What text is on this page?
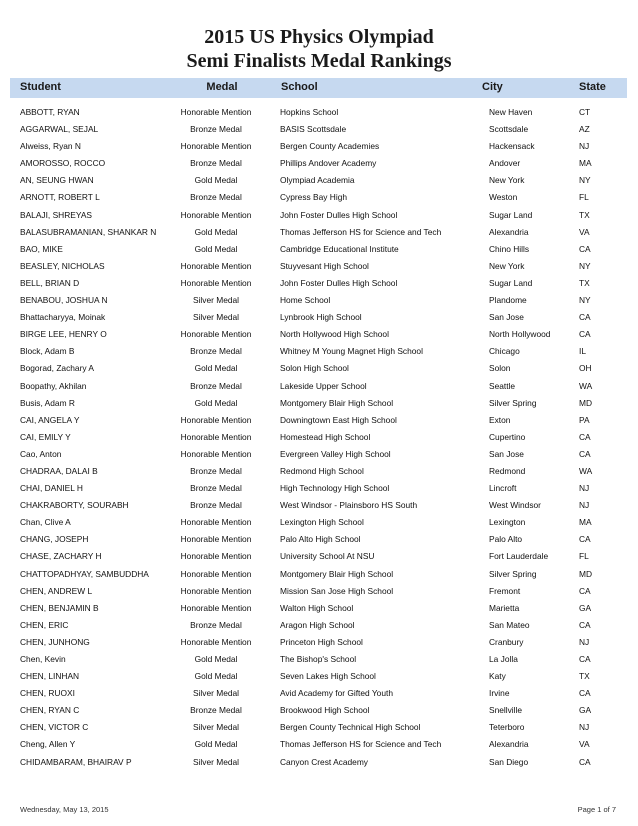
2015 US Physics Olympiad
Semi Finalists Medal Rankings
Student	Medal	School	City	State
ABBOTT, RYAN	Honorable Mention	Hopkins School	New Haven	CT
AGGARWAL, SEJAL	Bronze Medal	BASIS Scottsdale	Scottsdale	AZ
Alweiss, Ryan N	Honorable Mention	Bergen County Academies	Hackensack	NJ
AMOROSSO, ROCCO	Bronze Medal	Phillips Andover Academy	Andover	MA
AN, SEUNG HWAN	Gold Medal	Olympiad Academia	New York	NY
ARNOTT, ROBERT L	Bronze Medal	Cypress Bay High	Weston	FL
BALAJI, SHREYAS	Honorable Mention	John Foster Dulles High School	Sugar Land	TX
BALASUBRAMANIAN, SHANKAR N	Gold Medal	Thomas Jefferson HS for Science and Tech	Alexandria	VA
BAO, MIKE	Gold Medal	Cambridge Educational Institute	Chino Hills	CA
BEASLEY, NICHOLAS	Honorable Mention	Stuyvesant High School	New York	NY
BELL, BRIAN D	Honorable Mention	John Foster Dulles High School	Sugar Land	TX
BENABOU, JOSHUA N	Silver Medal	Home School	Plandome	NY
Bhattacharyya, Moinak	Silver Medal	Lynbrook High School	San Jose	CA
BIRGE LEE, HENRY O	Honorable Mention	North Hollywood High School	North Hollywood	CA
Block, Adam B	Bronze Medal	Whitney M Young Magnet High School	Chicago	IL
Bogorad, Zachary A	Gold Medal	Solon High School	Solon	OH
Boopathy, Akhilan	Bronze Medal	Lakeside Upper School	Seattle	WA
Busis, Adam R	Gold Medal	Montgomery Blair High School	Silver Spring	MD
CAI, ANGELA Y	Honorable Mention	Downingtown East High School	Exton	PA
CAI, EMILY Y	Honorable Mention	Homestead High School	Cupertino	CA
Cao, Anton	Honorable Mention	Evergreen Valley High School	San Jose	CA
CHADRAA, DALAI B	Bronze Medal	Redmond High School	Redmond	WA
CHAI, DANIEL H	Bronze Medal	High Technology High School	Lincroft	NJ
CHAKRABORTY, SOURABH	Bronze Medal	West Windsor - Plainsboro HS South	West Windsor	NJ
Chan, Clive A	Honorable Mention	Lexington High School	Lexington	MA
CHANG, JOSEPH	Honorable Mention	Palo Alto High School	Palo Alto	CA
CHASE, ZACHARY H	Honorable Mention	University School At NSU	Fort Lauderdale	FL
CHATTOPADHYAY, SAMBUDDHA	Honorable Mention	Montgomery Blair High School	Silver Spring	MD
CHEN, ANDREW L	Honorable Mention	Mission San Jose High School	Fremont	CA
CHEN, BENJAMIN B	Honorable Mention	Walton High School	Marietta	GA
CHEN, ERIC	Bronze Medal	Aragon High School	San Mateo	CA
CHEN, JUNHONG	Honorable Mention	Princeton High School	Cranbury	NJ
Chen, Kevin	Gold Medal	The Bishop's School	La Jolla	CA
CHEN, LINHAN	Gold Medal	Seven Lakes High School	Katy	TX
CHEN, RUOXI	Silver Medal	Avid Academy for Gifted Youth	Irvine	CA
CHEN, RYAN C	Bronze Medal	Brookwood High School	Snellville	GA
CHEN, VICTOR C	Silver Medal	Bergen County Technical High School	Teterboro	NJ
Cheng, Allen Y	Gold Medal	Thomas Jefferson HS for Science and Tech	Alexandria	VA
CHIDAMBARAM, BHAIRAV P	Silver Medal	Canyon Crest Academy	San Diego	CA
Wednesday, May 13, 2015	Page 1 of 7
